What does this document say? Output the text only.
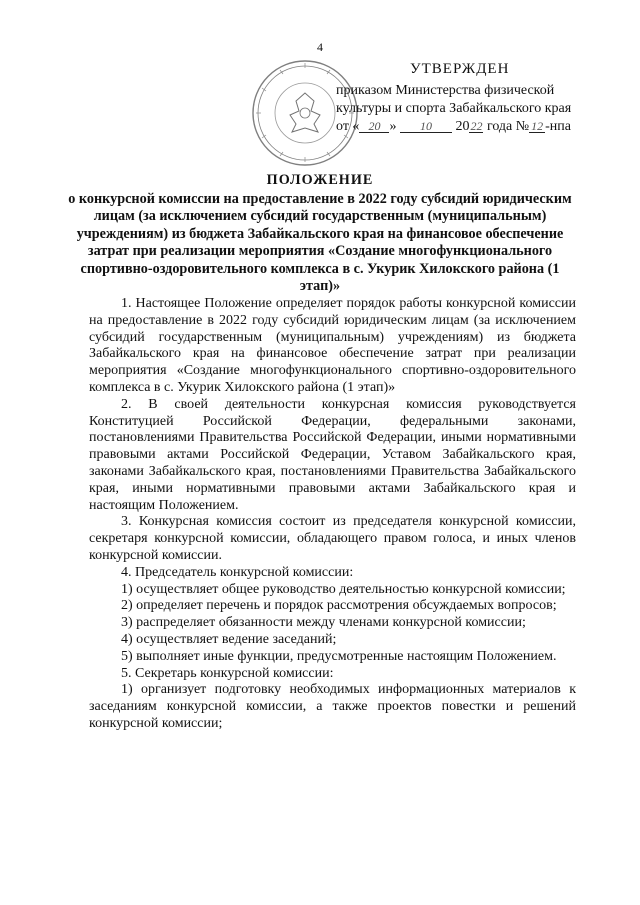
4
УТВЕРЖДЕН
приказом Министерства физической
культуры и спорта Забайкальского края
от « 20 » 10 2022 года № 12 -нпа
ПОЛОЖЕНИЕ
о конкурсной комиссии на предоставление в 2022 году субсидий юридическим лицам (за исключением субсидий государственным (муниципальным) учреждениям) из бюджета Забайкальского края на финансовое обеспечение затрат при реализации мероприятия «Создание многофункционального спортивно-оздоровительного комплекса в с. Укурик Хилокского района (1 этап)»

1. Настоящее Положение определяет порядок работы конкурсной комиссии на предоставление в 2022 году субсидий юридическим лицам (за исключением субсидий государственным (муниципальным) учреждениям) из бюджета Забайкальского края на финансовое обеспечение затрат при реализации мероприятия «Создание многофункционального спортивно-оздоровительного комплекса в с. Укурик Хилокского района (1 этап)»

2. В своей деятельности конкурсная комиссия руководствуется Конституцией Российской Федерации, федеральными законами, постановлениями Правительства Российской Федерации, иными нормативными правовыми актами Российской Федерации, Уставом Забайкальского края, законами Забайкальского края, постановлениями Правительства Забайкальского края, иными нормативными правовыми актами Забайкальского края и настоящим Положением.

3. Конкурсная комиссия состоит из председателя конкурсной комиссии, секретаря конкурсной комиссии, обладающего правом голоса, и иных членов конкурсной комиссии.

4. Председатель конкурсной комиссии:

1) осуществляет общее руководство деятельностью конкурсной комиссии;

2) определяет перечень и порядок рассмотрения обсуждаемых вопросов;

3) распределяет обязанности между членами конкурсной комиссии;

4) осуществляет ведение заседаний;

5) выполняет иные функции, предусмотренные настоящим Положением.

5. Секретарь конкурсной комиссии:

1) организует подготовку необходимых информационных материалов к заседаниям конкурсной комиссии, а также проектов повестки и решений конкурсной комиссии;
